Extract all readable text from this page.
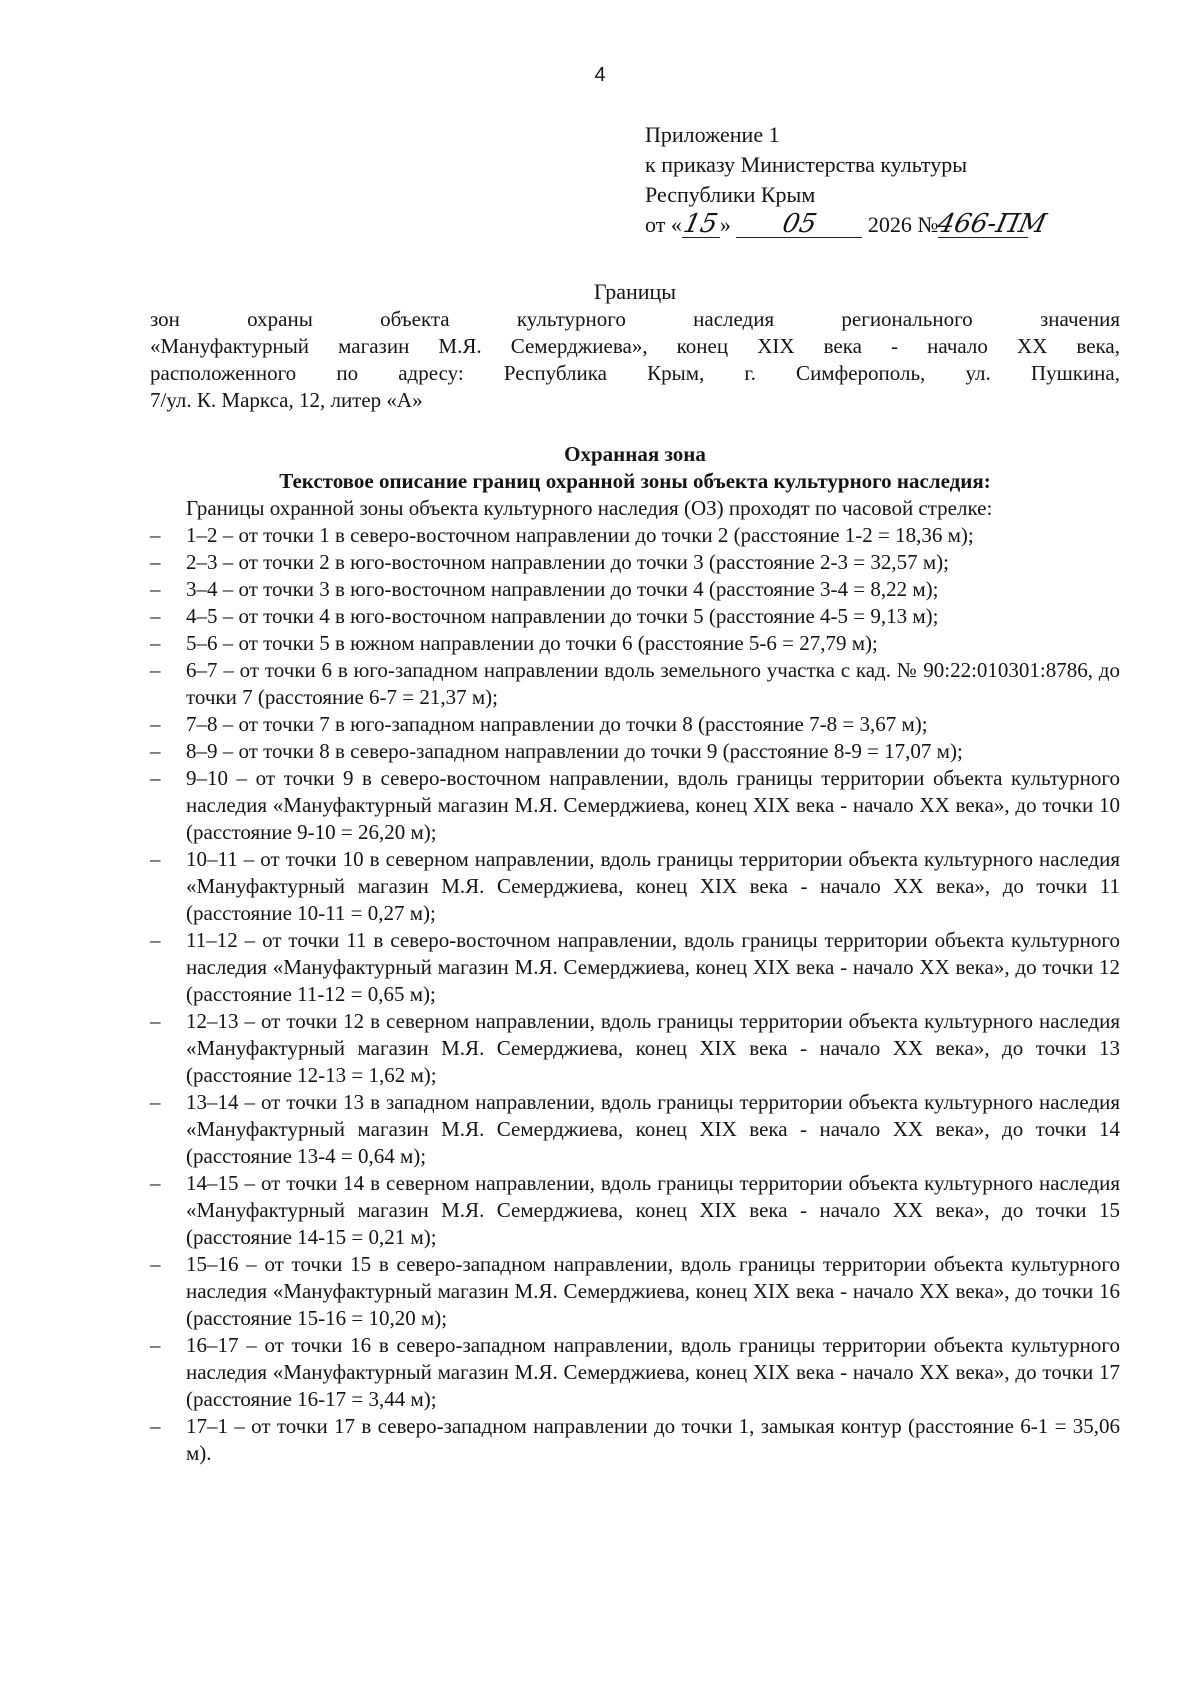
4
Приложение 1
к приказу Министерства культуры
Республики Крым
от «15» 05 2026 №466-ПМ

Границы

зон охраны объекта культурного наследия регионального значения

«Мануфактурный магазин М.Я. Семерджиева», конец XIX века - начало XX века,

расположенного по адресу: Республика Крым, г. Симферополь, ул. Пушкина,

7/ул. К. Маркса, 12, литер «А»

Охранная зона

Текстовое описание границ охранной зоны объекта культурного наследия:

Границы охранной зоны объекта культурного наследия (ОЗ) проходят по часовой стрелке:

– 1–2 – от точки 1 в северо-восточном направлении до точки 2 (расстояние 1-2 = 18,36 м);
– 2–3 – от точки 2 в юго-восточном направлении до точки 3 (расстояние 2-3 = 32,57 м);
– 3–4 – от точки 3 в юго-восточном направлении до точки 4 (расстояние 3-4 = 8,22 м);
– 4–5 – от точки 4 в юго-восточном направлении до точки 5 (расстояние 4-5 = 9,13 м);
– 5–6 – от точки 5 в южном направлении до точки 6 (расстояние 5-6 = 27,79 м);
– 6–7 – от точки 6 в юго-западном направлении вдоль земельного участка с кад. № 90:22:010301:8786, до точки 7 (расстояние 6-7 = 21,37 м);
– 7–8 – от точки 7 в юго-западном направлении до точки 8 (расстояние 7-8 = 3,67 м);
– 8–9 – от точки 8 в северо-западном направлении до точки 9 (расстояние 8-9 = 17,07 м);
– 9–10 – от точки 9 в северо-восточном направлении, вдоль границы территории объекта культурного наследия «Мануфактурный магазин М.Я. Семерджиева, конец XIX века - начало XX века», до точки 10 (расстояние 9-10 = 26,20 м);
– 10–11 – от точки 10 в северном направлении, вдоль границы территории объекта культурного наследия «Мануфактурный магазин М.Я. Семерджиева, конец XIX века - начало XX века», до точки 11 (расстояние 10-11 = 0,27 м);
– 11–12 – от точки 11 в северо-восточном направлении, вдоль границы территории объекта культурного наследия «Мануфактурный магазин М.Я. Семерджиева, конец XIX века - начало XX века», до точки 12 (расстояние 11-12 = 0,65 м);
– 12–13 – от точки 12 в северном направлении, вдоль границы территории объекта культурного наследия «Мануфактурный магазин М.Я. Семерджиева, конец XIX века - начало XX века», до точки 13 (расстояние 12-13 = 1,62 м);
– 13–14 – от точки 13 в западном направлении, вдоль границы территории объекта культурного наследия «Мануфактурный магазин М.Я. Семерджиева, конец XIX века - начало XX века», до точки 14 (расстояние 13-4 = 0,64 м);
– 14–15 – от точки 14 в северном направлении, вдоль границы территории объекта культурного наследия «Мануфактурный магазин М.Я. Семерджиева, конец XIX века - начало XX века», до точки 15 (расстояние 14-15 = 0,21 м);
– 15–16 – от точки 15 в северо-западном направлении, вдоль границы территории объекта культурного наследия «Мануфактурный магазин М.Я. Семерджиева, конец XIX века - начало XX века», до точки 16 (расстояние 15-16 = 10,20 м);
– 16–17 – от точки 16 в северо-западном направлении, вдоль границы территории объекта культурного наследия «Мануфактурный магазин М.Я. Семерджиева, конец XIX века - начало XX века», до точки 17 (расстояние 16-17 = 3,44 м);
– 17–1 – от точки 17 в северо-западном направлении до точки 1, замыкая контур (расстояние 6-1 = 35,06 м).
